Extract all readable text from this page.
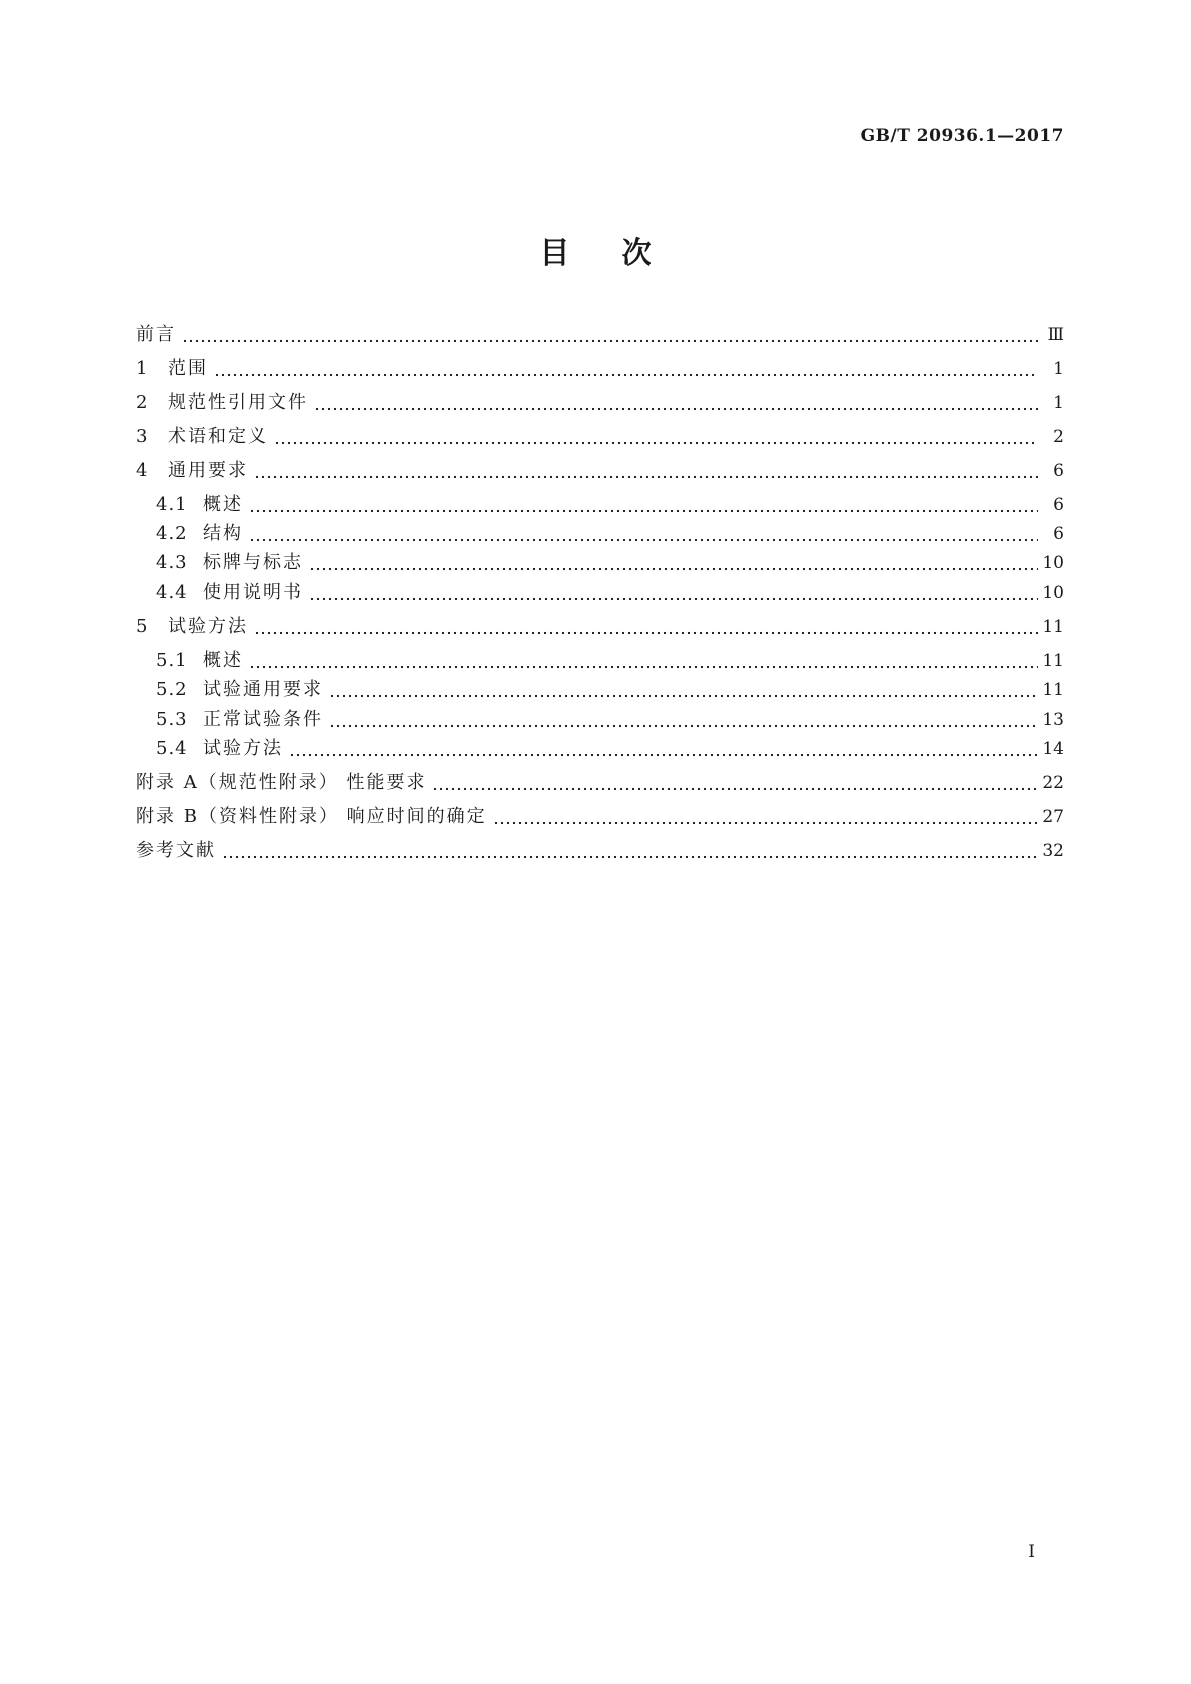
GB/T 20936.1—2017
目次
前言	Ⅲ
1	范围	1
2	规范性引用文件	1
3	术语和定义	2
4	通用要求	6
4.1 概述	6
4.2 结构	6
4.3 标牌与标志	10
4.4 使用说明书	10
5	试验方法	11
5.1 概述	11
5.2 试验通用要求	11
5.3 正常试验条件	13
5.4 试验方法	14
附录 A（规范性附录） 性能要求	22
附录 B（资料性附录） 响应时间的确定	27
参考文献	32
I
